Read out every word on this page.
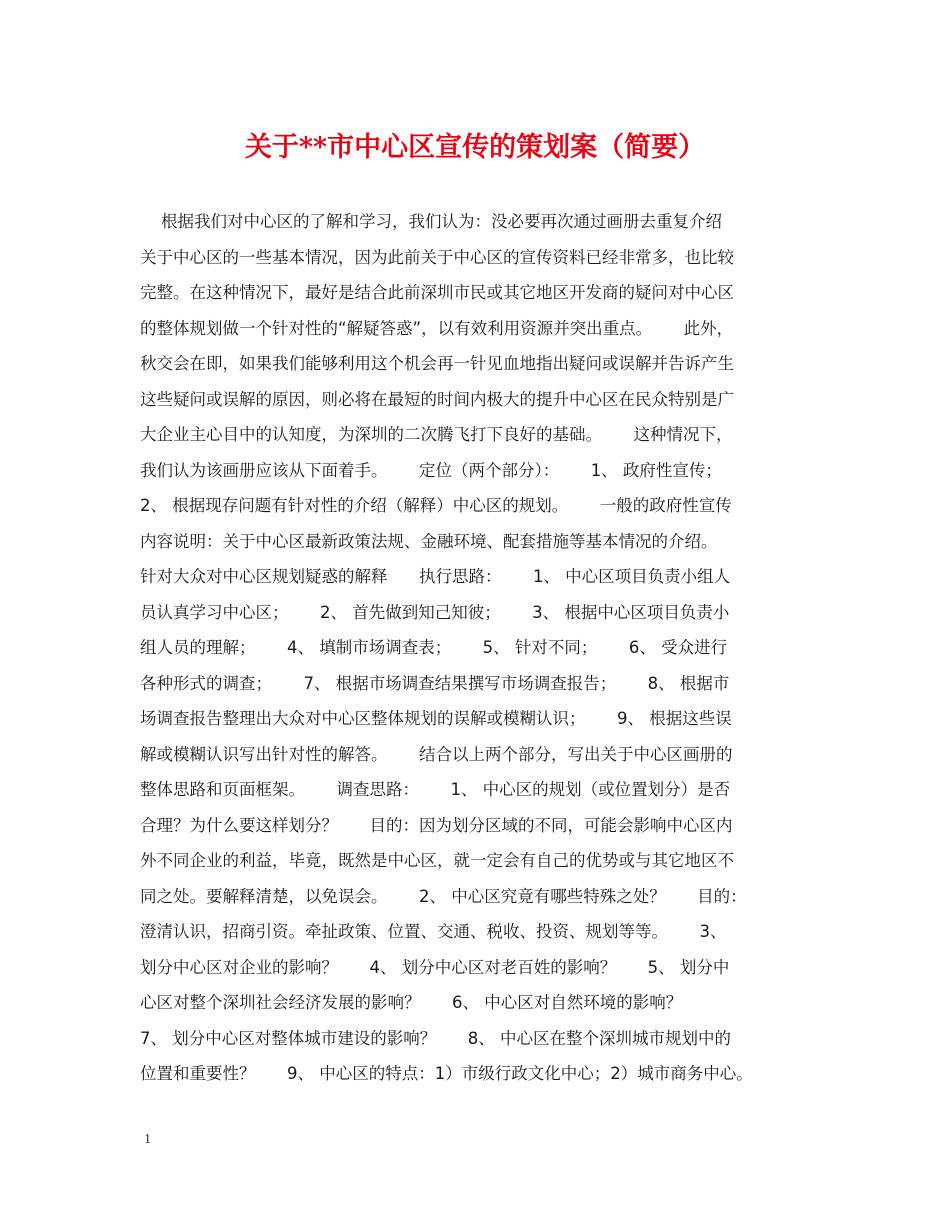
关于**市中心区宣传的策划案（简要）
根据我们对中心区的了解和学习，我们认为：没必要再次通过画册去重复介绍
关于中心区的一些基本情况，因为此前关于中心区的宣传资料已经非常多，也比较
完整。在这种情况下，最好是结合此前深圳市民或其它地区开发商的疑问对中心区
的整体规划做一个针对性的“解疑答惑”，以有效利用资源并突出重点。      此外，
秋交会在即，如果我们能够利用这个机会再一针见血地指出疑问或误解并告诉产生
这些疑问或误解的原因，则必将在最短的时间内极大的提升中心区在民众特别是广
大企业主心目中的认知度，为深圳的二次腾飞打下良好的基础。      这种情况下，
我们认为该画册应该从下面着手。      定位（两个部分）：      1、 政府性宣传；
2、 根据现存问题有针对性的介绍（解释）中心区的规划。      一般的政府性宣传
内容说明：关于中心区最新政策法规、金融环境、配套措施等基本情况的介绍。
针对大众对中心区规划疑惑的解释      执行思路：      1、 中心区项目负责小组人
员认真学习中心区；      2、 首先做到知己知彼；      3、 根据中心区项目负责小
组人员的理解；      4、 填制市场调查表；      5、 针对不同；      6、 受众进行
各种形式的调查；      7、 根据市场调查结果撰写市场调查报告；      8、 根据市
场调查报告整理出大众对中心区整体规划的误解或模糊认识；      9、 根据这些误
解或模糊认识写出针对性的解答。      结合以上两个部分，写出关于中心区画册的
整体思路和页面框架。      调查思路：      1、 中心区的规划（或位置划分）是否
合理？为什么要这样划分？      目的：因为划分区域的不同，可能会影响中心区内
外不同企业的利益，毕竟，既然是中心区，就一定会有自己的优势或与其它地区不
同之处。要解释清楚，以免误会。      2、 中心区究竟有哪些特殊之处？      目的：
澄清认识，招商引资。牵扯政策、位置、交通、税收、投资、规划等等。      3、
划分中心区对企业的影响？      4、 划分中心区对老百姓的影响？      5、 划分中
心区对整个深圳社会经济发展的影响？      6、 中心区对自然环境的影响？
7、 划分中心区对整体城市建设的影响？      8、 中心区在整个深圳城市规划中的
位置和重要性？      9、 中心区的特点：1）市级行政文化中心；2）城市商务中心。
1
